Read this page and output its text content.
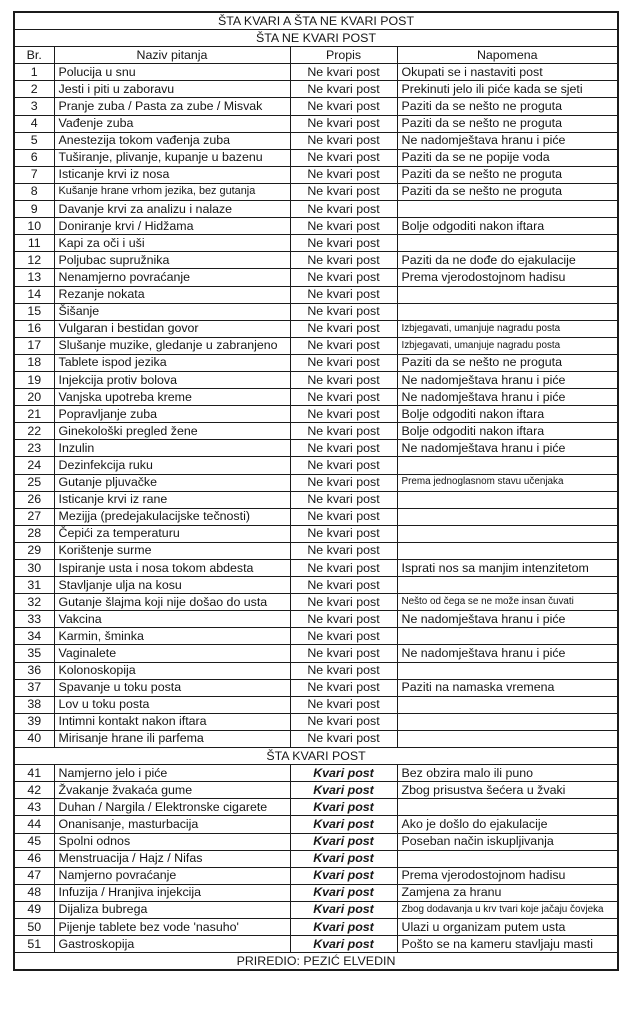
ŠTA KVARI A ŠTA NE KVARI POST			
ŠTA NE KVARI POST			
Br.	Naziv pitanja	Propis	Napomena
1	Polucija u snu	Ne kvari post	Okupati se i nastaviti post
2	Jesti i piti u zaboravu	Ne kvari post	Prekinuti jelo ili piće kada se sjeti
3	Pranje zuba / Pasta za zube / Misvak	Ne kvari post	Paziti da se nešto ne proguta
4	Vađenje zuba	Ne kvari post	Paziti da se nešto ne proguta
5	Anestezija tokom vađenja zuba	Ne kvari post	Ne nadomještava hranu i piće
6	Tuširanje, plivanje, kupanje u bazenu	Ne kvari post	Paziti da se ne popije voda
7	Isticanje krvi iz nosa	Ne kvari post	Paziti da se nešto ne proguta
8	Kušanje hrane vrhom jezika, bez gutanja	Ne kvari post	Paziti da se nešto ne proguta
9	Davanje krvi za analizu i nalaze	Ne kvari post	
10	Doniranje krvi / Hidžama	Ne kvari post	Bolje odgoditi nakon iftara
11	Kapi za oči i uši	Ne kvari post	
12	Poljubac supružnika	Ne kvari post	Paziti da ne dođe do ejakulacije
13	Nenamjerno povraćanje	Ne kvari post	Prema vjerodostojnom hadisu
14	Rezanje nokata	Ne kvari post	
15	Šišanje	Ne kvari post	
16	Vulgaran i bestidan govor	Ne kvari post	Izbjegavati, umanjuje nagradu posta
17	Slušanje muzike, gledanje u zabranjeno	Ne kvari post	Izbjegavati, umanjuje nagradu posta
18	Tablete ispod jezika	Ne kvari post	Paziti da se nešto ne proguta
19	Injekcija protiv bolova	Ne kvari post	Ne nadomještava hranu i piće
20	Vanjska upotreba kreme	Ne kvari post	Ne nadomještava hranu i piće
21	Popravljanje zuba	Ne kvari post	Bolje odgoditi nakon iftara
22	Ginekološki pregled žene	Ne kvari post	Bolje odgoditi nakon iftara
23	Inzulin	Ne kvari post	Ne nadomještava hranu i piće
24	Dezinfekcija ruku	Ne kvari post	
25	Gutanje pljuvačke	Ne kvari post	Prema jednoglasnom stavu učenjaka
26	Isticanje krvi iz rane	Ne kvari post	
27	Mezijja (predejakulacijske tečnosti)	Ne kvari post	
28	Čepići za temperaturu	Ne kvari post	
29	Korištenje surme	Ne kvari post	
30	Ispiranje usta i nosa tokom abdesta	Ne kvari post	Isprati nos sa manjim intenzitetom
31	Stavljanje ulja na kosu	Ne kvari post	
32	Gutanje šlajma koji nije došao do usta	Ne kvari post	Nešto od čega se ne može insan čuvati
33	Vakcina	Ne kvari post	Ne nadomještava hranu i piće
34	Karmin, šminka	Ne kvari post	
35	Vaginalete	Ne kvari post	Ne nadomještava hranu i piće
36	Kolonoskopija	Ne kvari post	
37	Spavanje u toku posta	Ne kvari post	Paziti na namaska vremena
38	Lov u toku posta	Ne kvari post	
39	Intimni kontakt nakon iftara	Ne kvari post	
40	Mirisanje hrane ili parfema	Ne kvari post	
ŠTA KVARI POST			
41	Namjerno jelo i piće	Kvari post	Bez obzira malo ili puno
42	Žvakanje žvakaća gume	Kvari post	Zbog prisustva šećera u žvaki
43	Duhan / Nargila / Elektronske cigarete	Kvari post	
44	Onanisanje, masturbacija	Kvari post	Ako je došlo do ejakulacije
45	Spolni odnos	Kvari post	Poseban način iskupljivanja
46	Menstruacija / Hajz / Nifas	Kvari post	
47	Namjerno povraćanje	Kvari post	Prema vjerodostojnom hadisu
48	Infuzija / Hranjiva injekcija	Kvari post	Zamjena za hranu
49	Dijaliza bubrega	Kvari post	Zbog dodavanja u krv tvari koje jačaju čovjeka
50	Pijenje tablete bez vode 'nasuho'	Kvari post	Ulazi u organizam putem usta
51	Gastroskopija	Kvari post	Pošto se na kameru stavljaju masti
PRIREDIO: PEZIĆ ELVEDIN			
